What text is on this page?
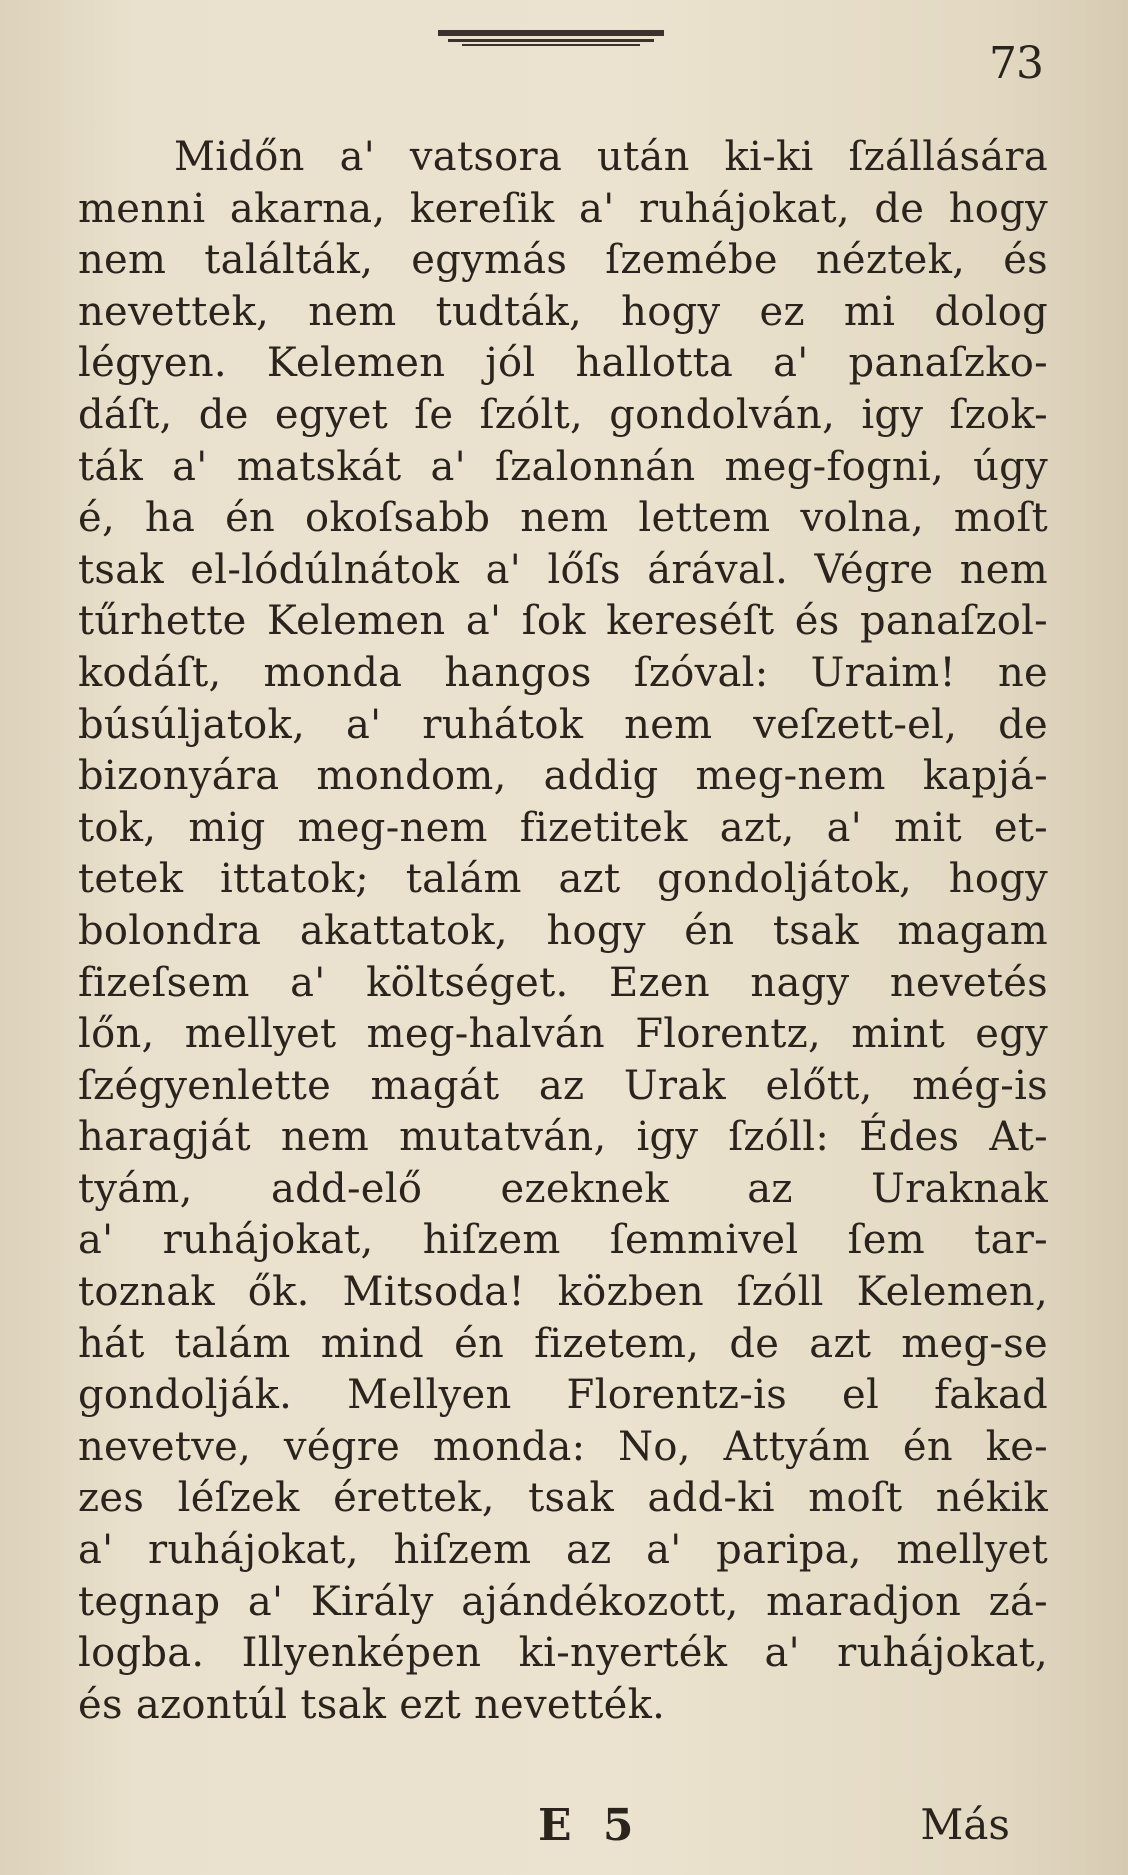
73
Midőn a' vatsora után ki-ki ſzállására
menni akarna, kereſik a' ruhájokat, de hogy
nem találták, egymás ſzemébe néztek, és
nevettek, nem tudták, hogy ez mi dolog
légyen. Kelemen jól hallotta a' panaſzko-
dáſt, de egyet ſe ſzólt, gondolván, igy ſzok-
ták a' matskát a' ſzalonnán meg-fogni, úgy
é, ha én okoſsabb nem lettem volna, moſt
tsak el-lódúlnátok a' lőſs árával. Végre nem
tűrhette Kelemen a' ſok kereséſt és panaſzol-
kodáſt, monda hangos ſzóval: Uraim! ne
búsúljatok, a' ruhátok nem veſzett-el, de
bizonyára mondom, addig meg-nem kapjá-
tok, mig meg-nem fizetitek azt, a' mit et-
tetek ittatok; talám azt gondoljátok, hogy
bolondra akattatok, hogy én tsak magam
fizeſsem a' költséget. Ezen nagy nevetés
lőn, mellyet meg-halván Florentz, mint egy
ſzégyenlette magát az Urak előtt, még-is
haragját nem mutatván, igy ſzóll: Édes At-
tyám, add-elő ezeknek az Uraknak
a' ruhájokat, hiſzem ſemmivel ſem tar-
toznak ők. Mitsoda! közben ſzóll Kelemen,
hát talám mind én fizetem, de azt meg-se
gondolják. Mellyen Florentz-is el fakad
nevetve, végre monda: No, Attyám én ke-
zes léſzek érettek, tsak add-ki moſt nékik
a' ruhájokat, hiſzem az a' paripa, mellyet
tegnap a' Király ajándékozott, maradjon zá-
logba. Illyenképen ki-nyerték a' ruhájokat,
és azontúl tsak ezt nevették.
E 5	Más
